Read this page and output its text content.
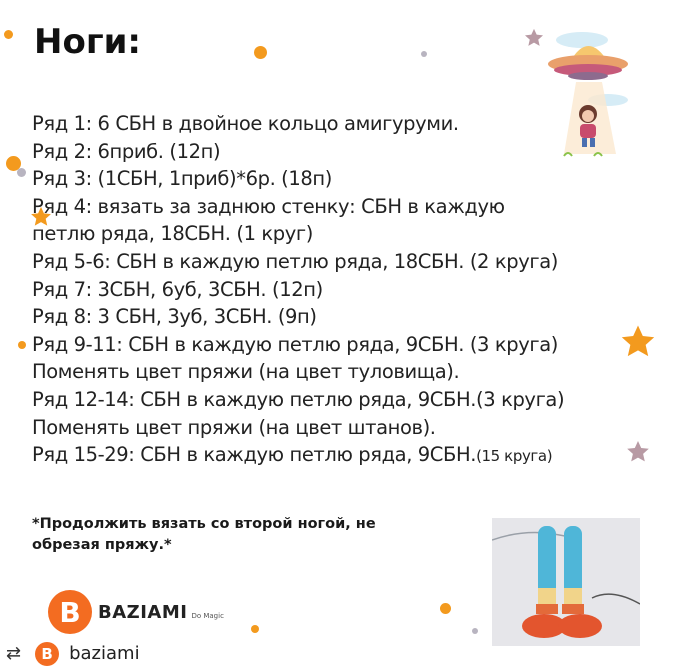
Ноги:
Ряд 1: 6 СБН в двойное кольцо амигуруми.
Ряд 2: 6приб. (12п)
Ряд 3: (1СБН, 1приб)*6р. (18п)
Ряд 4: вязать за заднюю стенку: СБН в каждую
петлю ряда, 18СБН. (1 круг)
Ряд 5-6: СБН в каждую петлю ряда, 18СБН. (2 круга)
Ряд 7: 3СБН, 6уб, 3СБН. (12п)
Ряд 8: 3 СБН, 3уб, 3СБН. (9п)
Ряд 9-11: СБН в каждую петлю ряда, 9СБН. (3 круга)
Поменять цвет пряжи (на цвет туловища).
Ряд 12-14: СБН в каждую петлю ряда, 9СБН.(3 круга)
Поменять цвет пряжи (на цвет штанов).
Ряд 15-29: СБН в каждую петлю ряда, 9СБН.(15 круга)
*Продолжить вязать со второй ногой, не
обрезая пряжу.*
B BAZIAMI Do Magic
⇄	B baziami
